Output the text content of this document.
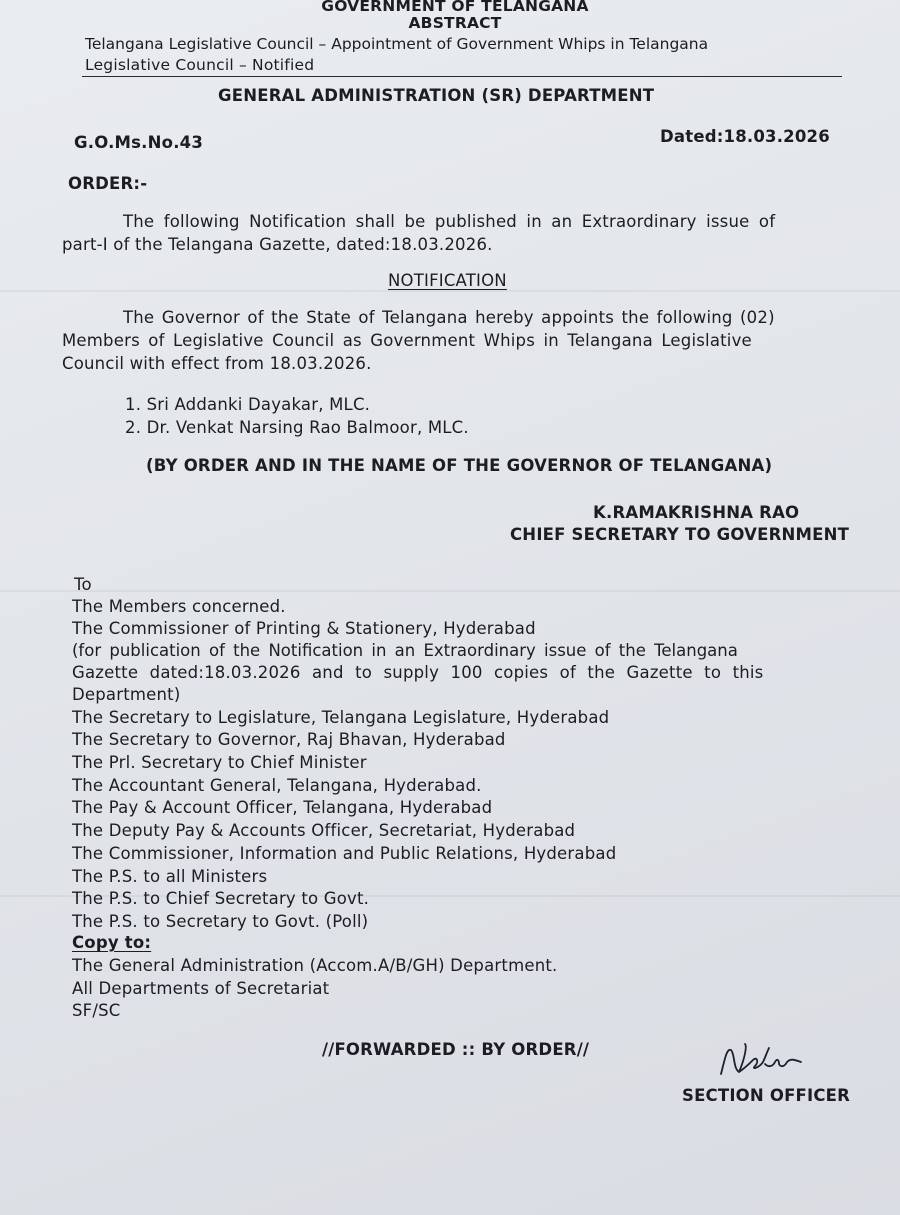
GOVERNMENT OF TELANGANA
ABSTRACT
Telangana Legislative Council – Appointment of Government Whips in Telangana
Legislative Council – Notified
GENERAL ADMINISTRATION (SR) DEPARTMENT
G.O.Ms.No.43	Dated:18.03.2026
ORDER:-
The following Notification shall be published in an Extraordinary issue of
part-I of the Telangana Gazette, dated:18.03.2026.
NOTIFICATION
The Governor of the State of Telangana hereby appoints the following (02)
Members of Legislative Council as Government Whips in Telangana Legislative
Council with effect from 18.03.2026.
1. Sri Addanki Dayakar, MLC.
2. Dr. Venkat Narsing Rao Balmoor, MLC.
(BY ORDER AND IN THE NAME OF THE GOVERNOR OF TELANGANA)
K.RAMAKRISHNA RAO
CHIEF SECRETARY TO GOVERNMENT
To
The Members concerned.
The Commissioner of Printing & Stationery, Hyderabad
(for publication of the Notification in an Extraordinary issue of the Telangana
Gazette dated:18.03.2026 and to supply 100 copies of the Gazette to this
Department)
The Secretary to Legislature, Telangana Legislature, Hyderabad
The Secretary to Governor, Raj Bhavan, Hyderabad
The Prl. Secretary to Chief Minister
The Accountant General, Telangana, Hyderabad.
The Pay & Account Officer, Telangana, Hyderabad
The Deputy Pay & Accounts Officer, Secretariat, Hyderabad
The Commissioner, Information and Public Relations, Hyderabad
The P.S. to all Ministers
The P.S. to Chief Secretary to Govt.
The P.S. to Secretary to Govt. (Poll)
Copy to:
The General Administration (Accom.A/B/GH) Department.
All Departments of Secretariat
SF/SC
//FORWARDED :: BY ORDER//
SECTION OFFICER
